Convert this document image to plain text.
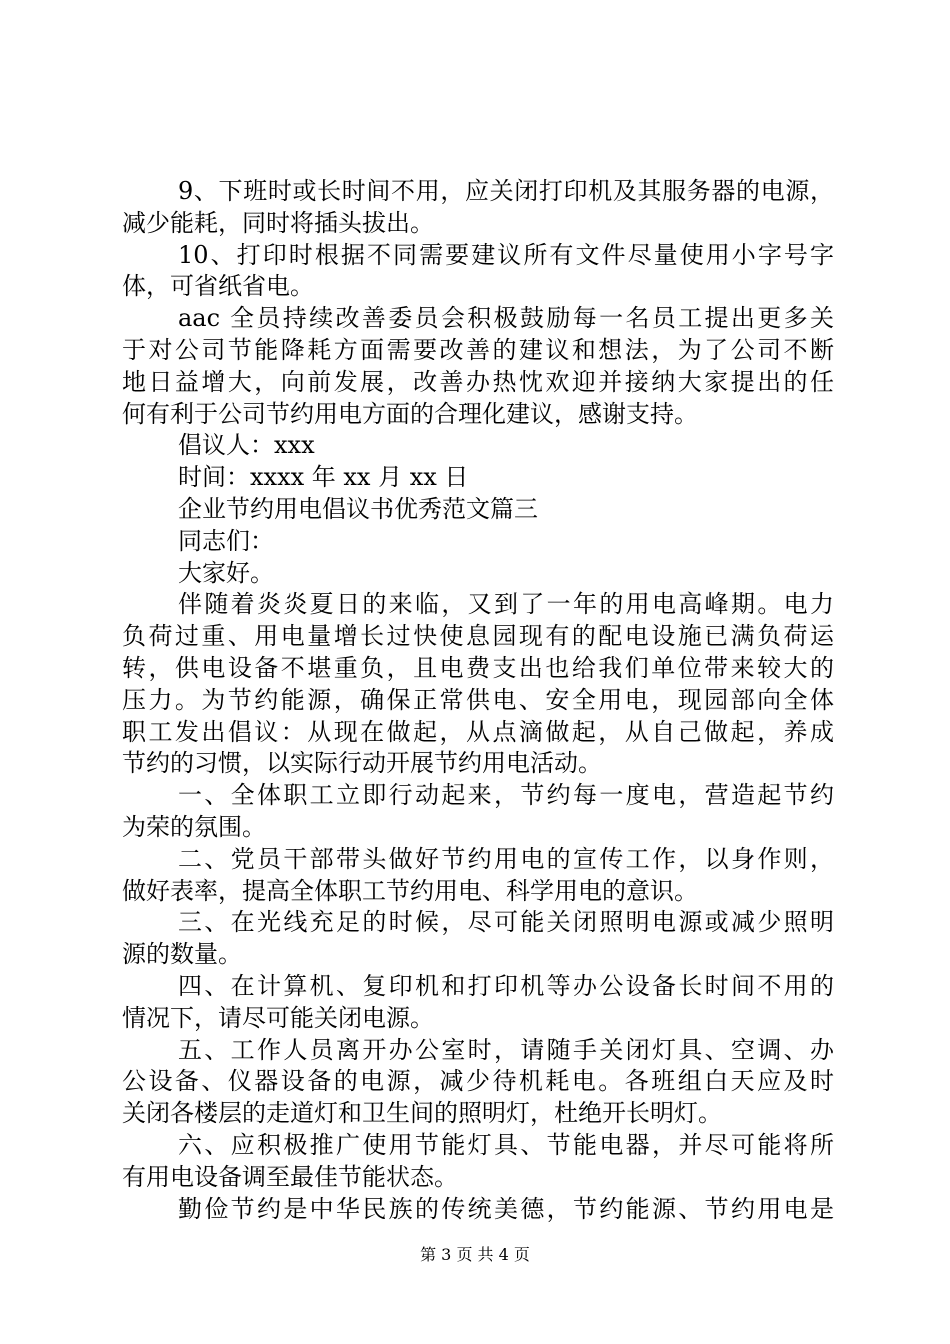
9、下班时或长时间不用，应关闭打印机及其服务器的电源，
减少能耗，同时将插头拔出。
10、打印时根据不同需要建议所有文件尽量使用小字号字
体，可省纸省电。
aac 全员持续改善委员会积极鼓励每一名员工提出更多关
于对公司节能降耗方面需要改善的建议和想法，为了公司不断
地日益增大，向前发展，改善办热忱欢迎并接纳大家提出的任
何有利于公司节约用电方面的合理化建议，感谢支持。
倡议人：xxx
时间：xxxx 年 xx 月 xx 日
企业节约用电倡议书优秀范文篇三
同志们：
大家好。
伴随着炎炎夏日的来临，又到了一年的用电高峰期。电力
负荷过重、用电量增长过快使息园现有的配电设施已满负荷运
转，供电设备不堪重负，且电费支出也给我们单位带来较大的
压力。为节约能源，确保正常供电、安全用电，现园部向全体
职工发出倡议：从现在做起，从点滴做起，从自己做起，养成
节约的习惯，以实际行动开展节约用电活动。
一、全体职工立即行动起来，节约每一度电，营造起节约
为荣的氛围。
二、党员干部带头做好节约用电的宣传工作，以身作则，
做好表率，提高全体职工节约用电、科学用电的意识。
三、在光线充足的时候，尽可能关闭照明电源或减少照明
源的数量。
四、在计算机、复印机和打印机等办公设备长时间不用的
情况下，请尽可能关闭电源。
五、工作人员离开办公室时，请随手关闭灯具、空调、办
公设备、仪器设备的电源，减少待机耗电。各班组白天应及时
关闭各楼层的走道灯和卫生间的照明灯，杜绝开长明灯。
六、应积极推广使用节能灯具、节能电器，并尽可能将所
有用电设备调至最佳节能状态。
勤俭节约是中华民族的传统美德，节约能源、节约用电是
第 3 页 共 4 页
